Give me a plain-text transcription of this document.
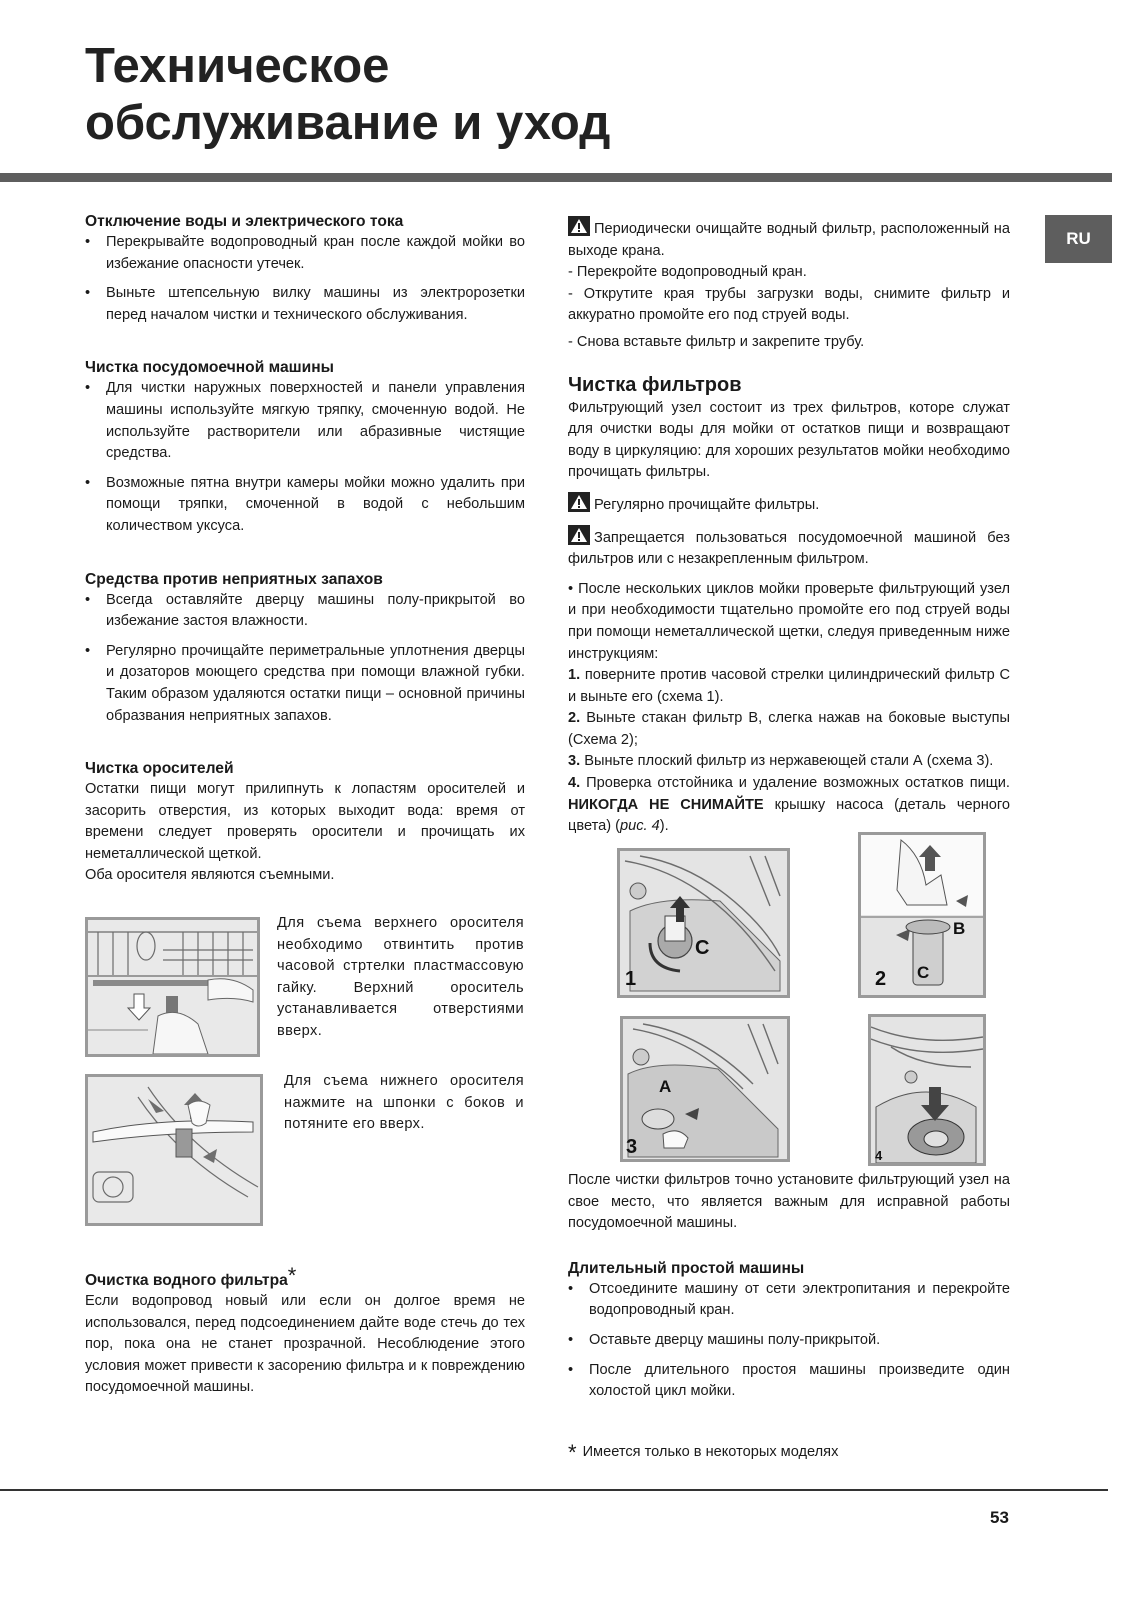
Техническое
обслуживание и уход
RU
Отключение воды и электрического тока
• Перекрывайте водопроводный кран после каждой мойки во избежание опасности утечек.
• Выньте штепсельную вилку машины из электророзетки перед началом чистки и технического обслуживания.
Чистка посудомоечной машины
• Для чистки наружных поверхностей и панели управления машины используйте мягкую тряпку, смоченную водой. Не используйте растворители или абразивные чистящие средства.
• Возможные пятна внутри камеры мойки можно удалить при помощи тряпки, смоченной в водой с небольшим количеством уксуса.
Средства против неприятных запахов
• Всегда оставляйте дверцу машины полу-прикрытой во избежание застоя влажности.
• Регулярно прочищайте периметральные уплотнения дверцы и дозаторов моющего средства при помощи влажной губки. Таким образом удаляются остатки пищи – основной причины образвания неприятных запахов.
Чистка оросителей

Остатки пищи могут прилипнуть к лопастям оросителей и засорить отверстия, из которых выходит вода: время от времени следует проверять оросители и прочищать их неметаллической щеткой.

Оба оросителя являются съемными.

Для съема верхнего оросителя необходимо отвинтить против часовой стртелки пластмассовую гайку. Верхний ороситель устанавливается отверстиями вверх.
Для съема нижнего оросителя нажмите на шпонки с боков и потяните его вверх.
Очистка водного фильтра*

Если водопровод новый или если он долгое время не использовался, перед подсоединением дайте воде стечь до тех пор, пока она не станет прозрачной. Несоблюдение этого условия может привести к засорению фильтра и к повреждению посудомоечной машины.

Периодически очищайте водный фильтр, расположенный на выходе крана.

- Перекройте водопроводный кран.

- Открутите края трубы загрузки воды, снимите фильтр и аккуратно промойте его под струей воды.

- Снова вставьте фильтр и закрепите трубу.

Чистка фильтров

Фильтрующий узел состоит из трех фильтров, которе служат для очистки воды для мойки от остатков пищи и возвращают воду в циркуляцию: для хороших результатов мойки необходимо прочищать фильтры.

Регулярно прочищайте фильтры.

Запрещается пользоваться посудомоечной машиной без фильтров или с незакрепленным фильтром.

• После нескольких циклов мойки проверьте фильтрующий узел и при необходимости тщательно промойте его под струей воды при помощи неметаллической щетки, следуя приведенным ниже инструкциям:

1. поверните против часовой стрелки цилиндрический фильтр С и выньте его (схема 1).

2. Выньте стакан фильтр В, слегка нажав на боковые выступы (Схема 2);

3. Выньте плоский фильтр из нержавеющей стали А (схема 3).

4. Проверка отстойника и удаление возможных остатков пищи. НИКОГДА НЕ СНИМАЙТЕ крышку насоса (деталь черного цвета) (рис. 4).

1
C
2
B
C
3
A
4

После чистки фильтров точно установите фильтрующий узел на свое место, что является важным для исправной работы посудомоечной машины.

Длительный простой машины
• Отсоедините машину от сети электропитания и перекройте водопроводный кран.
• Оставьте дверцу машины полу-прикрытой.
• После длительного простоя машины произведите один холостой цикл мойки.
* Имеется только в некоторых моделях
53
